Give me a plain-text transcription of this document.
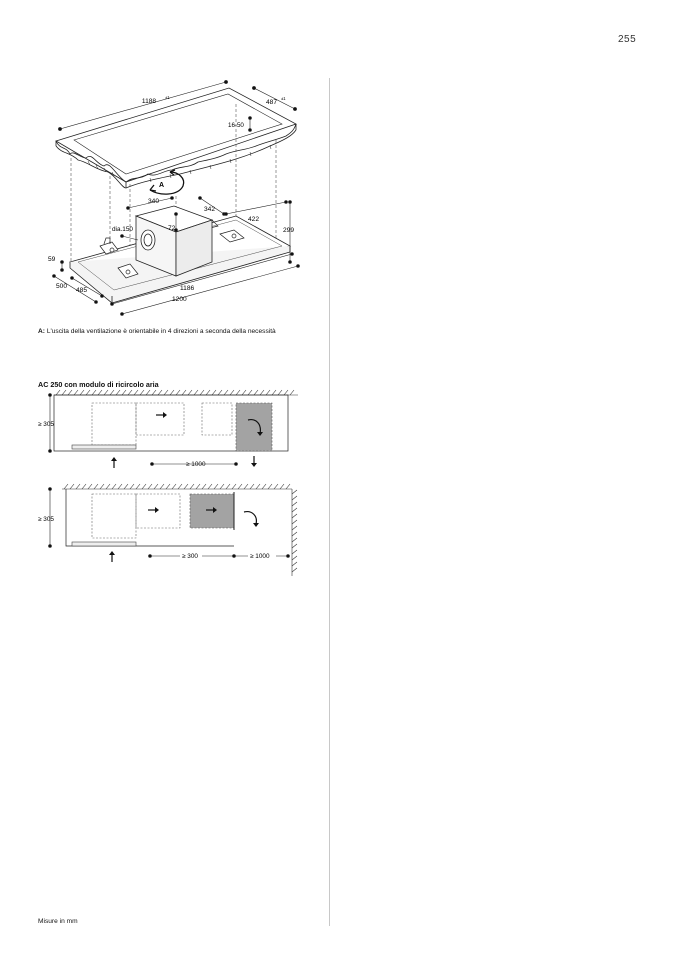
255
1188
±1
487
±1
16-50
A
340
342
72
dia.150
422
299
59
500
485	1186
1200
A: L'uscita della ventilazione è orientabile in 4 direzioni a seconda della necessità
AC 250 con modulo di ricircolo aria
≥ 305
≥ 1000
≥ 305
≥ 300	≥ 1000
Misure in mm
